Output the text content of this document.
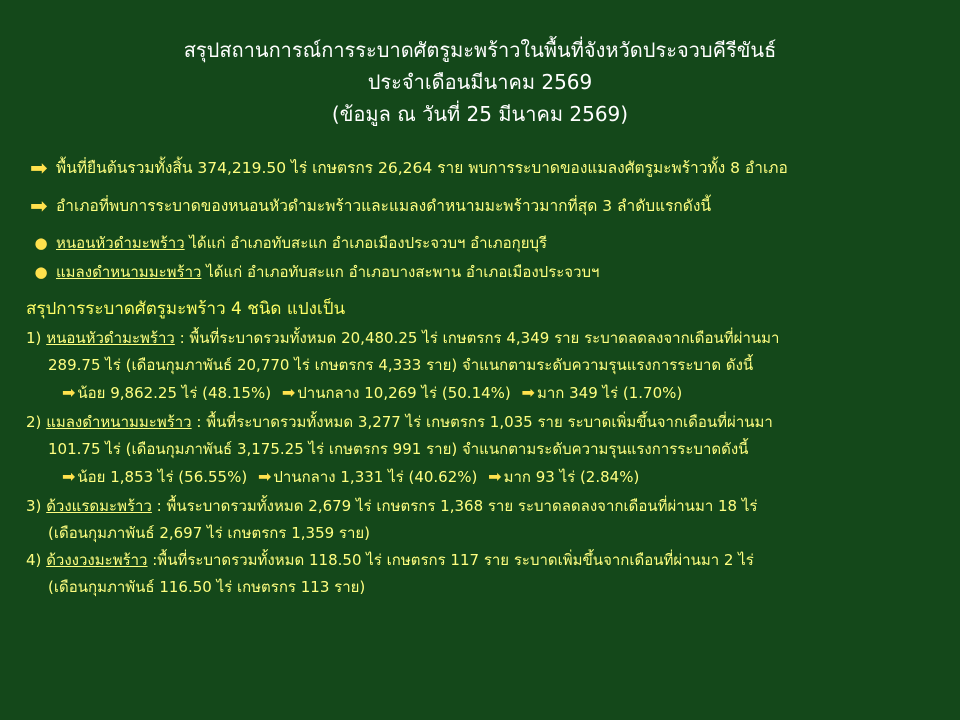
สรุปสถานการณ์การระบาดศัตรูมะพร้าวในพื้นที่จังหวัดประจวบคีรีขันธ์
ประจำเดือนมีนาคม 2569
(ข้อมูล ณ วันที่ 25 มีนาคม 2569)
➡ พื้นที่ยืนต้นรวมทั้งสิ้น 374,219.50 ไร่ เกษตรกร 26,264 ราย พบการระบาดของแมลงศัตรูมะพร้าวทั้ง 8 อำเภอ
➡ อำเภอที่พบการระบาดของหนอนหัวดำมะพร้าวและแมลงดำหนามมะพร้าวมากที่สุด 3 ลำดับแรกดังนี้
● หนอนหัวดำมะพร้าว ได้แก่ อำเภอทับสะแก อำเภอเมืองประจวบฯ อำเภอกุยบุรี
● แมลงดำหนามมะพร้าว ได้แก่ อำเภอทับสะแก อำเภอบางสะพาน อำเภอเมืองประจวบฯ
สรุปการระบาดศัตรูมะพร้าว 4 ชนิด แปงเป็น
1) หนอนหัวดำมะพร้าว : พื้นที่ระบาดรวมทั้งหมด 20,480.25 ไร่ เกษตรกร 4,349 ราย ระบาดลดลงจากเดือนที่ผ่านมา
289.75 ไร่ (เดือนกุมภาพันธ์ 20,770 ไร่ เกษตรกร 4,333 ราย) จำแนกตามระดับความรุนแรงการระบาด ดังนี้
➡ น้อย 9,862.25 ไร่ (48.15%) ➡ ปานกลาง 10,269 ไร่ (50.14%) ➡ มาก 349 ไร่ (1.70%)
2) แมลงดำหนามมะพร้าว : พื้นที่ระบาดรวมทั้งหมด 3,277 ไร่ เกษตรกร 1,035 ราย ระบาดเพิ่มขึ้นจากเดือนที่ผ่านมา
101.75 ไร่ (เดือนกุมภาพันธ์ 3,175.25 ไร่ เกษตรกร 991 ราย) จำแนกตามระดับความรุนแรงการระบาดดังนี้
➡ น้อย 1,853 ไร่ (56.55%) ➡ ปานกลาง 1,331 ไร่ (40.62%) ➡ มาก 93 ไร่ (2.84%)
3) ด้วงแรดมะพร้าว : พื้นระบาดรวมทั้งหมด 2,679 ไร่ เกษตรกร 1,368 ราย ระบาดลดลงจากเดือนที่ผ่านมา 18 ไร่
(เดือนกุมภาพันธ์ 2,697 ไร่ เกษตรกร 1,359 ราย)
4) ด้วงงวงมะพร้าว :พื้นที่ระบาดรวมทั้งหมด 118.50 ไร่ เกษตรกร 117 ราย ระบาดเพิ่มขึ้นจากเดือนที่ผ่านมา 2 ไร่
(เดือนกุมภาพันธ์ 116.50 ไร่ เกษตรกร 113 ราย)
